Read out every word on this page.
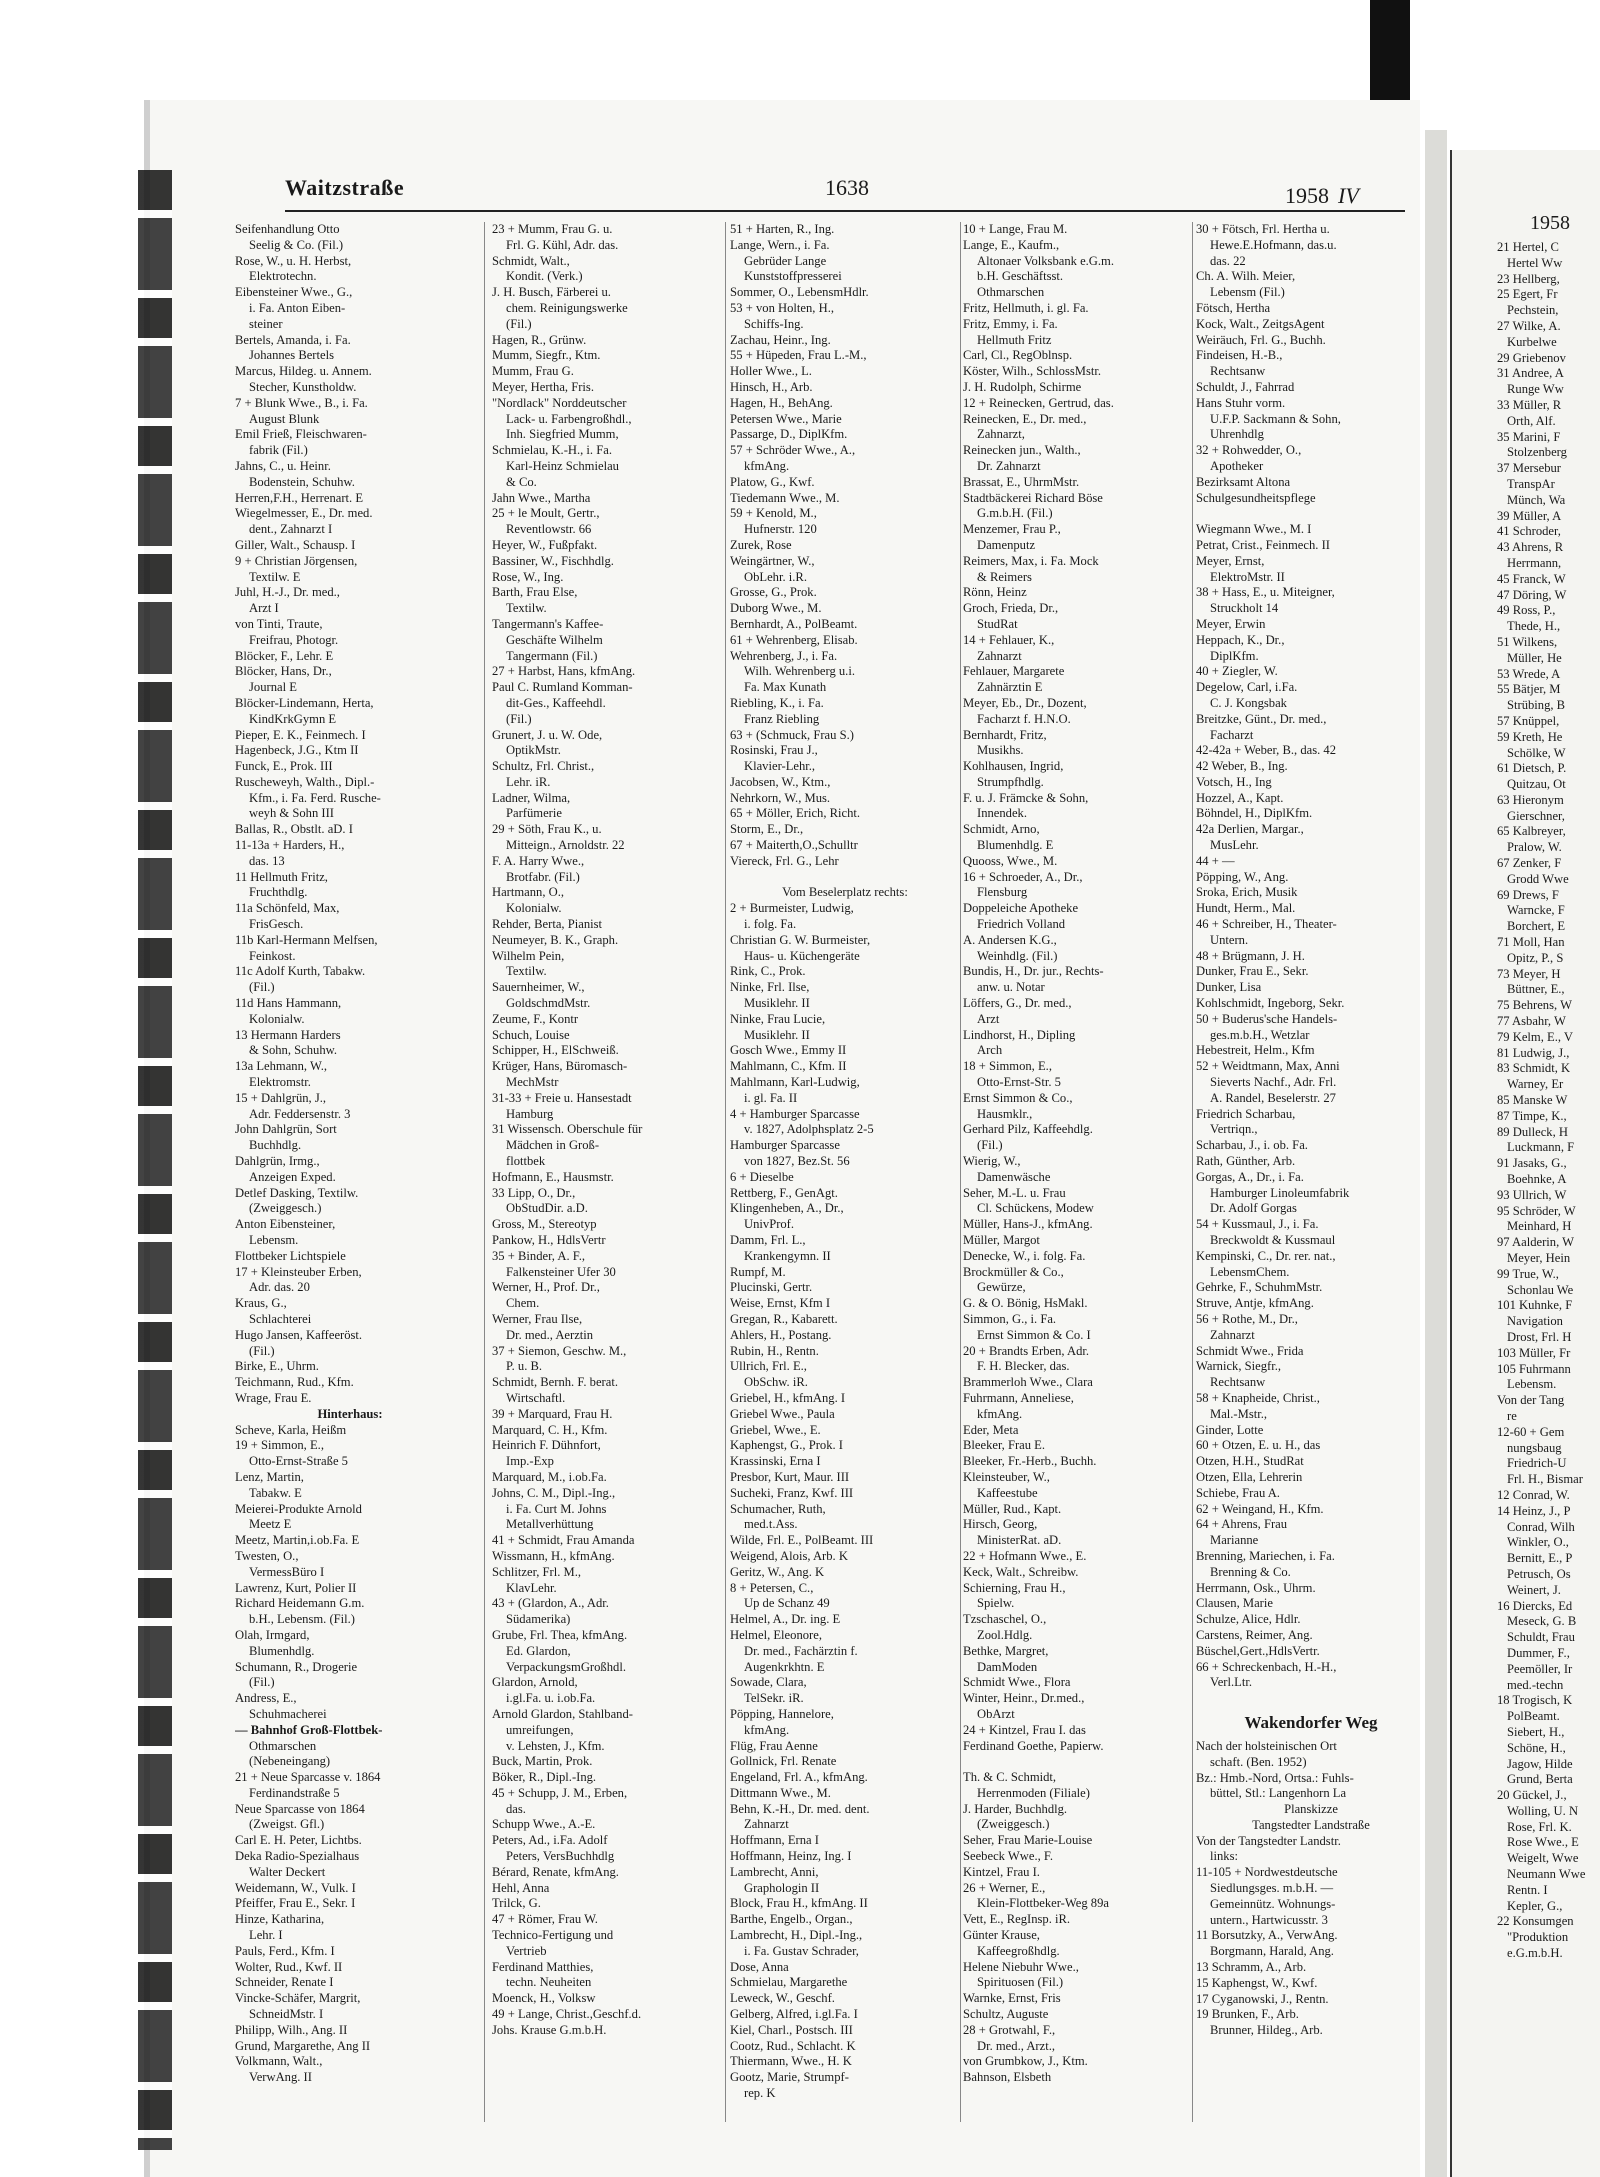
Waitzstraße	1638	1958 IV

Seifenhandlung Otto

Seelig & Co. (Fil.)

Rose, W., u. H. Herbst,

Elektrotechn.

Eibensteiner Wwe., G.,

i. Fa. Anton Eiben-

steiner

Bertels, Amanda, i. Fa.

Johannes Bertels

Marcus, Hildeg. u. Annem.

Stecher, Kunstholdw.

7 + Blunk Wwe., B., i. Fa.

August Blunk

Emil Frieß, Fleischwaren-

fabrik (Fil.)

Jahns, C., u. Heinr.

Bodenstein, Schuhw.

Herren,F.H., Herrenart. E

Wiegelmesser, E., Dr. med.

dent., Zahnarzt I

Giller, Walt., Schausp. I

9 + Christian Jörgensen,

Textilw. E

Juhl, H.-J., Dr. med.,

Arzt I

von Tinti, Traute,

Freifrau, Photogr.

Blöcker, F., Lehr. E

Blöcker, Hans, Dr.,

Journal E

Blöcker-Lindemann, Herta,

KindKrkGymn E

Pieper, E. K., Feinmech. I

Hagenbeck, J.G., Ktm II

Funck, E., Prok. III

Ruscheweyh, Walth., Dipl.-

Kfm., i. Fa. Ferd. Rusche-

weyh & Sohn III

Ballas, R., Obstlt. aD. I

11-13a + Harders, H.,

das. 13

11 Hellmuth Fritz,

Fruchthdlg.

11a Schönfeld, Max,

FrisGesch.

11b Karl-Hermann Melfsen,

Feinkost.

11c Adolf Kurth, Tabakw.

(Fil.)

11d Hans Hammann,

Kolonialw.

13 Hermann Harders

& Sohn, Schuhw.

13a Lehmann, W.,

Elektromstr.

15 + Dahlgrün, J.,

Adr. Feddersenstr. 3

John Dahlgrün, Sort

Buchhdlg.

Dahlgrün, Irmg.,

Anzeigen Exped.

Detlef Dasking, Textilw.

(Zweiggesch.)

Anton Eibensteiner,

Lebensm.

Flottbeker Lichtspiele

17 + Kleinsteuber Erben,

Adr. das. 20

Kraus, G.,

Schlachterei

Hugo Jansen, Kaffeeröst.

(Fil.)

Birke, E., Uhrm.

Teichmann, Rud., Kfm.

Wrage, Frau E.

Hinterhaus:

Scheve, Karla, Heißm

19 + Simmon, E.,

Otto-Ernst-Straße 5

Lenz, Martin,

Tabakw. E

Meierei-Produkte Arnold

Meetz E

Meetz, Martin,i.ob.Fa. E

Twesten, O.,

VermessBüro I

Lawrenz, Kurt, Polier II

Richard Heidemann G.m.

b.H., Lebensm. (Fil.)

Olah, Irmgard,

Blumenhdlg.

Schumann, R., Drogerie

(Fil.)

Andress, E.,

Schuhmacherei

— Bahnhof Groß-Flottbek-

Othmarschen

(Nebeneingang)

21 + Neue Sparcasse v. 1864

Ferdinandstraße 5

Neue Sparcasse von 1864

(Zweigst. Gfl.)

Carl E. H. Peter, Lichtbs.

Deka Radio-Spezialhaus

Walter Deckert

Weidemann, W., Vulk. I

Pfeiffer, Frau E., Sekr. I

Hinze, Katharina,

Lehr. I

Pauls, Ferd., Kfm. I

Wolter, Rud., Kwf. II

Schneider, Renate I

Vincke-Schäfer, Margrit,

SchneidMstr. I

Philipp, Wilh., Ang. II

Grund, Margarethe, Ang II

Volkmann, Walt.,

VerwAng. II

23 + Mumm, Frau G. u.

Frl. G. Kühl, Adr. das.

Schmidt, Walt.,

Kondit. (Verk.)

J. H. Busch, Färberei u.

chem. Reinigungswerke

(Fil.)

Hagen, R., Grünw.

Mumm, Siegfr., Ktm.

Mumm, Frau G.

Meyer, Hertha, Fris.

"Nordlack" Norddeutscher

Lack- u. Farbengroßhdl.,

Inh. Siegfried Mumm,

Schmielau, K.-H., i. Fa.

Karl-Heinz Schmielau

& Co.

Jahn Wwe., Martha

25 + le Moult, Gertr.,

Reventlowstr. 66

Heyer, W., Fußpfakt.

Bassiner, W., Fischhdlg.

Rose, W., Ing.

Barth, Frau Else,

Textilw.

Tangermann's Kaffee-

Geschäfte Wilhelm

Tangermann (Fil.)

27 + Harbst, Hans, kfmAng.

Paul C. Rumland Komman-

dit-Ges., Kaffeehdl.

(Fil.)

Grunert, J. u. W. Ode,

OptikMstr.

Schultz, Frl. Christ.,

Lehr. iR.

Ladner, Wilma,

Parfümerie

29 + Söth, Frau K., u.

Mitteign., Arnoldstr. 22

F. A. Harry Wwe.,

Brotfabr. (Fil.)

Hartmann, O.,

Kolonialw.

Rehder, Berta, Pianist

Neumeyer, B. K., Graph.

Wilhelm Pein,

Textilw.

Sauernheimer, W.,

GoldschmdMstr.

Zeume, F., Kontr

Schuch, Louise

Schipper, H., ElSchweiß.

Krüger, Hans, Büromasch-

MechMstr

31-33 + Freie u. Hansestadt

Hamburg

31 Wissensch. Oberschule für

Mädchen in Groß-

flottbek

Hofmann, E., Hausmstr.

33 Lipp, O., Dr.,

ObStudDir. a.D.

Gross, M., Stereotyp

Pankow, H., HdlsVertr

35 + Binder, A. F.,

Falkensteiner Ufer 30

Werner, H., Prof. Dr.,

Chem.

Werner, Frau Ilse,

Dr. med., Aerztin

37 + Siemon, Geschw. M.,

P. u. B.

Schmidt, Bernh. F. berat.

Wirtschaftl.

39 + Marquard, Frau H.

Marquard, C. H., Kfm.

Heinrich F. Dühnfort,

Imp.-Exp

Marquard, M., i.ob.Fa.

Johns, C. M., Dipl.-Ing.,

i. Fa. Curt M. Johns

Metallverhüttung

41 + Schmidt, Frau Amanda

Wissmann, H., kfmAng.

Schlitzer, Frl. M.,

KlavLehr.

43 + (Glardon, A., Adr.

Südamerika)

Grube, Frl. Thea, kfmAng.

Ed. Glardon,

VerpackungsmGroßhdl.

Glardon, Arnold,

i.gl.Fa. u. i.ob.Fa.

Arnold Glardon, Stahlband-

umreifungen,

v. Lehsten, J., Kfm.

Buck, Martin, Prok.

Böker, R., Dipl.-Ing.

45 + Schupp, J. M., Erben,

das.

Schupp Wwe., A.-E.

Peters, Ad., i.Fa. Adolf

Peters, VersBuchhdlg

Bérard, Renate, kfmAng.

Hehl, Anna

Trilck, G.

47 + Römer, Frau W.

Technico-Fertigung und

Vertrieb

Ferdinand Matthies,

techn. Neuheiten

Moenck, H., Volksw

49 + Lange, Christ.,Geschf.d.

Johs. Krause G.m.b.H.

51 + Harten, R., Ing.

Lange, Wern., i. Fa.

Gebrüder Lange

Kunststoffpresserei

Sommer, O., LebensmHdlr.

53 + von Holten, H.,

Schiffs-Ing.

Zachau, Heinr., Ing.

55 + Hüpeden, Frau L.-M.,

Holler Wwe., L.

Hinsch, H., Arb.

Hagen, H., BehAng.

Petersen Wwe., Marie

Passarge, D., DiplKfm.

57 + Schröder Wwe., A.,

kfmAng.

Platow, G., Kwf.

Tiedemann Wwe., M.

59 + Kenold, M.,

Hufnerstr. 120

Zurek, Rose

Weingärtner, W.,

ObLehr. i.R.

Grosse, G., Prok.

Duborg Wwe., M.

Bernhardt, A., PolBeamt.

61 + Wehrenberg, Elisab.

Wehrenberg, J., i. Fa.

Wilh. Wehrenberg u.i.

Fa. Max Kunath

Riebling, K., i. Fa.

Franz Riebling

63 + (Schmuck, Frau S.)

Rosinski, Frau J.,

Klavier-Lehr.,

Jacobsen, W., Ktm.,

Nehrkorn, W., Mus.

65 + Möller, Erich, Richt.

Storm, E., Dr.,

67 + Maiterth,O.,Schulltr

Viereck, Frl. G., Lehr

Vom Beselerplatz rechts:

2 + Burmeister, Ludwig,

i. folg. Fa.

Christian G. W. Burmeister,

Haus- u. Küchengeräte

Rink, C., Prok.

Ninke, Frl. Ilse,

Musiklehr. II

Ninke, Frau Lucie,

Musiklehr. II

Gosch Wwe., Emmy II

Mahlmann, C., Kfm. II

Mahlmann, Karl-Ludwig,

i. gl. Fa. II

4 + Hamburger Sparcasse

v. 1827, Adolphsplatz 2-5

Hamburger Sparcasse

von 1827, Bez.St. 56

6 + Dieselbe

Rettberg, F., GenAgt.

Klingenheben, A., Dr.,

UnivProf.

Damm, Frl. L.,

Krankengymn. II

Rumpf, M.

Plucinski, Gertr.

Weise, Ernst, Kfm I

Gregan, R., Kabarett.

Ahlers, H., Postang.

Rubin, H., Rentn.

Ullrich, Frl. E.,

ObSchw. iR.

Griebel, H., kfmAng. I

Griebel Wwe., Paula

Griebel, Wwe., E.

Kaphengst, G., Prok. I

Krassinski, Erna I

Presbor, Kurt, Maur. III

Sucheki, Franz, Kwf. III

Schumacher, Ruth,

med.t.Ass.

Wilde, Frl. E., PolBeamt. III

Weigend, Alois, Arb. K

Geritz, W., Ang. K

8 + Petersen, C.,

Up de Schanz 49

Helmel, A., Dr. ing. E

Helmel, Eleonore,

Dr. med., Fachärztin f.

Augenkrkhtn. E

Sowade, Clara,

TelSekr. iR.

Pöpping, Hannelore,

kfmAng.

Flüg, Frau Aenne

Gollnick, Frl. Renate

Engeland, Frl. A., kfmAng.

Dittmann Wwe., M.

Behn, K.-H., Dr. med. dent.

Zahnarzt

Hoffmann, Erna I

Hoffmann, Heinz, Ing. I

Lambrecht, Anni,

Graphologin II

Block, Frau H., kfmAng. II

Barthe, Engelb., Organ.,

Lambrecht, H., Dipl.-Ing.,

i. Fa. Gustav Schrader,

Dose, Anna

Schmielau, Margarethe

Leweck, W., Geschf.

Gelberg, Alfred, i.gl.Fa. I

Kiel, Charl., Postsch. III

Cootz, Rud., Schlacht. K

Thiermann, Wwe., H. K

Gootz, Marie, Strumpf-

rep. K

10 + Lange, Frau M.

Lange, E., Kaufm.,

Altonaer Volksbank e.G.m.

b.H. Geschäftsst.

Othmarschen

Fritz, Hellmuth, i. gl. Fa.

Fritz, Emmy, i. Fa.

Hellmuth Fritz

Carl, Cl., RegOblnsp.

Köster, Wilh., SchlossMstr.

J. H. Rudolph, Schirme

12 + Reinecken, Gertrud, das.

Reinecken, E., Dr. med.,

Zahnarzt,

Reinecken jun., Walth.,

Dr. Zahnarzt

Brassat, E., UhrmMstr.

Stadtbäckerei Richard Böse

G.m.b.H. (Fil.)

Menzemer, Frau P.,

Damenputz

Reimers, Max, i. Fa. Mock

& Reimers

Rönn, Heinz

Groch, Frieda, Dr.,

StudRat

14 + Fehlauer, K.,

Zahnarzt

Fehlauer, Margarete

Zahnärztin E

Meyer, Eb., Dr., Dozent,

Facharzt f. H.N.O.

Bernhardt, Fritz,

Musikhs.

Kohlhausen, Ingrid,

Strumpfhdlg.

F. u. J. Främcke & Sohn,

Innendek.

Schmidt, Arno,

Blumenhdlg. E

Quooss, Wwe., M.

16 + Schroeder, A., Dr.,

Flensburg

Doppeleiche Apotheke

Friedrich Volland

A. Andersen K.G.,

Weinhdlg. (Fil.)

Bundis, H., Dr. jur., Rechts-

anw. u. Notar

Löffers, G., Dr. med.,

Arzt

Lindhorst, H., Dipling

Arch

18 + Simmon, E.,

Otto-Ernst-Str. 5

Ernst Simmon & Co.,

Hausmklr.,

Gerhard Pilz, Kaffeehdlg.

(Fil.)

Wierig, W.,

Damenwäsche

Seher, M.-L. u. Frau

Cl. Schückens, Modew

Müller, Hans-J., kfmAng.

Müller, Margot

Denecke, W., i. folg. Fa.

Brockmüller & Co.,

Gewürze,

G. & O. Bönig, HsMakl.

Simmon, G., i. Fa.

Ernst Simmon & Co. I

20 + Brandts Erben, Adr.

F. H. Blecker, das.

Brammerloh Wwe., Clara

Fuhrmann, Anneliese,

kfmAng.

Eder, Meta

Bleeker, Frau E.

Bleeker, Fr.-Herb., Buchh.

Kleinsteuber, W.,

Kaffeestube

Müller, Rud., Kapt.

Hirsch, Georg,

MinisterRat. aD.

22 + Hofmann Wwe., E.

Keck, Walt., Schreibw.

Schierning, Frau H.,

Spielw.

Tzschaschel, O.,

Zool.Hdlg.

Bethke, Margret,

DamModen

Schmidt Wwe., Flora

Winter, Heinr., Dr.med.,

ObArzt

24 + Kintzel, Frau I. das

Ferdinand Goethe, Papierw.

Th. & C. Schmidt,

Herrenmoden (Filiale)

J. Harder, Buchhdlg.

(Zweiggesch.)

Seher, Frau Marie-Louise

Seebeck Wwe., F.

Kintzel, Frau I.

26 + Werner, E.,

Klein-Flottbeker-Weg 89a

Vett, E., RegInsp. iR.

Günter Krause,

Kaffeegroßhdlg.

Helene Niebuhr Wwe.,

Spirituosen (Fil.)

Warnke, Ernst, Fris

Schultz, Auguste

28 + Grotwahl, F.,

Dr. med., Arzt.,

von Grumbkow, J., Ktm.

Bahnson, Elsbeth

30 + Fötsch, Frl. Hertha u.

Hewe.E.Hofmann, das.u.

das. 22

Ch. A. Wilh. Meier,

Lebensm (Fil.)

Fötsch, Hertha

Kock, Walt., ZeitgsAgent

Weiräuch, Frl. G., Buchh.

Findeisen, H.-B.,

Rechtsanw

Schuldt, J., Fahrrad

Hans Stuhr vorm.

U.F.P. Sackmann & Sohn,

Uhrenhdlg

32 + Rohwedder, O.,

Apotheker

Bezirksamt Altona

Schulgesundheitspflege

Wiegmann Wwe., M. I

Petrat, Crist., Feinmech. II

Meyer, Ernst,

ElektroMstr. II

38 + Hass, E., u. Miteigner,

Struckholt 14

Meyer, Erwin

Heppach, K., Dr.,

DiplKfm.

40 + Ziegler, W.

Degelow, Carl, i.Fa.

C. J. Kongsbak

Breitzke, Günt., Dr. med.,

Facharzt

42-42a + Weber, B., das. 42

42 Weber, B., Ing.

Votsch, H., Ing

Hozzel, A., Kapt.

Böhndel, H., DiplKfm.

42a Derlien, Margar.,

MusLehr.

44 + —

Pöpping, W., Ang.

Sroka, Erich, Musik

Hundt, Herm., Mal.

46 + Schreiber, H., Theater-

Untern.

48 + Brügmann, J. H.

Dunker, Frau E., Sekr.

Dunker, Lisa

Kohlschmidt, Ingeborg, Sekr.

50 + Buderus'sche Handels-

ges.m.b.H., Wetzlar

Hebestreit, Helm., Kfm

52 + Weidtmann, Max, Anni

Sieverts Nachf., Adr. Frl.

A. Randel, Beselerstr. 27

Friedrich Scharbau,

Vertriqn.,

Scharbau, J., i. ob. Fa.

Rath, Günther, Arb.

Gorgas, A., Dr., i. Fa.

Hamburger Linoleumfabrik

Dr. Adolf Gorgas

54 + Kussmaul, J., i. Fa.

Breckwoldt & Kussmaul

Kempinski, C., Dr. rer. nat.,

LebensmChem.

Gehrke, F., SchuhmMstr.

Struve, Antje, kfmAng.

56 + Rothe, M., Dr.,

Zahnarzt

Schmidt Wwe., Frida

Warnick, Siegfr.,

Rechtsanw

58 + Knapheide, Christ.,

Mal.-Mstr.,

Ginder, Lotte

60 + Otzen, E. u. H., das

Otzen, H.H., StudRat

Otzen, Ella, Lehrerin

Schiebe, Frau A.

62 + Weingand, H., Kfm.

64 + Ahrens, Frau

Marianne

Brenning, Mariechen, i. Fa.

Brenning & Co.

Herrmann, Osk., Uhrm.

Clausen, Marie

Schulze, Alice, Hdlr.

Carstens, Reimer, Ang.

Büschel,Gert.,HdlsVertr.

66 + Schreckenbach, H.-H.,

Verl.Ltr.

Wakendorfer Weg

Nach der holsteinischen Ort

schaft. (Ben. 1952)

Bz.: Hmb.-Nord, Ortsa.: Fuhls-

büttel, Stl.: Langenhorn La

Planskizze

Tangstedter Landstraße

Von der Tangstedter Landstr.

links:

11-105 + Nordwestdeutsche

Siedlungsges. m.b.H. —

Gemeinnütz. Wohnungs-

untern., Hartwicusstr. 3

11 Borsutzky, A., VerwAng.

Borgmann, Harald, Ang.

13 Schramm, A., Arb.

15 Kaphengst, W., Kwf.

17 Cyganowski, J., Rentn.

19 Brunken, F., Arb.

Brunner, Hildeg., Arb.

1958

21 Hertel, C

Hertel Ww

23 Hellberg,

25 Egert, Fr

Pechstein,

27 Wilke, A.

Kurbelwe

29 Griebenov

31 Andree, A

Runge Ww

33 Müller, R

Orth, Alf.

35 Marini, F

Stolzenberg

37 Mersebur

TranspAr

Münch, Wa

39 Müller, A

41 Schroder,

43 Ahrens, R

Herrmann,

45 Franck, W

47 Döring, W

49 Ross, P.,

Thede, H.,

51 Wilkens,

Müller, He

53 Wrede, A

55 Bätjer, M

Strübing, B

57 Knüppel,

59 Kreth, He

Schölke, W

61 Dietsch, P.

Quitzau, Ot

63 Hieronym

Gierschner,

65 Kalbreyer,

Pralow, W.

67 Zenker, F

Grodd Wwe

69 Drews, F

Warncke, F

Borchert, E

71 Moll, Han

Opitz, P., S

73 Meyer, H

Büttner, E.,

75 Behrens, W

77 Asbahr, W

79 Kelm, E., V

81 Ludwig, J.,

83 Schmidt, K

Warney, Er

85 Manske W

87 Timpe, K.,

89 Dulleck, H

Luckmann, F

91 Jasaks, G.,

Boehnke, A

93 Ullrich, W

95 Schröder, W

Meinhard, H

97 Aalderin, W

Meyer, Hein

99 True, W.,

Schonlau We

101 Kuhnke, F

Navigation

Drost, Frl. H

103 Müller, Fr

105 Fuhrmann

Lebensm.

Von der Tang

re

12-60 + Gem

nungsbaug

Friedrich-U

Frl. H., Bismar

12 Conrad, W.

14 Heinz, J., P

Conrad, Wilh

Winkler, O.,

Bernitt, E., P

Petrusch, Os

Weinert, J.

16 Diercks, Ed

Meseck, G. B

Schuldt, Frau

Dummer, F.,

Peemöller, Ir

med.-techn

18 Trogisch, K

PolBeamt.

Siebert, H.,

Schöne, H.,

Jagow, Hilde

Grund, Berta

20 Gückel, J.,

Wolling, U. N

Rose, Frl. K.

Rose Wwe., E

Weigelt, Wwe

Neumann Wwe

Rentn. I

Kepler, G.,

22 Konsumgen

"Produktion

e.G.m.b.H.
